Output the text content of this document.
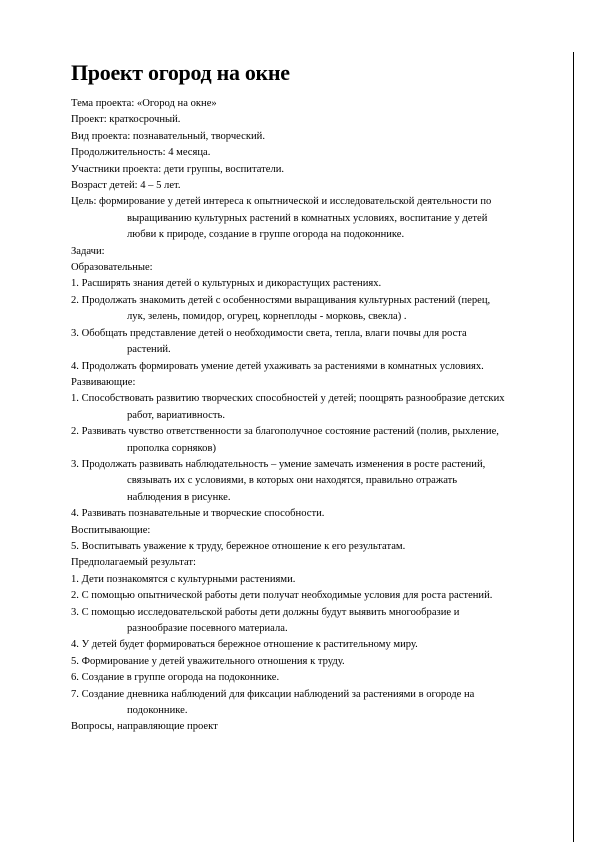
Проект огород на окне

Тема проекта: «Огород на окне»

Проект: краткосрочный.

Вид проекта: познавательный, творческий.

Продолжительность: 4 месяца.

Участники проекта: дети группы, воспитатели.

Возраст детей: 4 – 5 лет.

Цель: формирование у детей интереса к опытнической и исследовательской деятельности по выращиванию культурных растений в комнатных условиях, воспитание у детей любви к природе, создание в группе огорода на подоконнике.

Задачи:

Образовательные:

1. Расширять знания детей о культурных и дикорастущих растениях.

2. Продолжать знакомить детей с особенностями выращивания культурных растений (перец, лук, зелень, помидор, огурец, корнеплоды - морковь, свекла) .

3. Обобщать представление детей о необходимости света, тепла, влаги почвы для роста растений.

4. Продолжать формировать умение детей ухаживать за растениями в комнатных условиях.

Развивающие:

1. Способствовать развитию творческих способностей у детей; поощрять разнообразие детских работ, вариативность.

2. Развивать чувство ответственности за благополучное состояние растений (полив, рыхление, прополка сорняков)

3. Продолжать развивать наблюдательность – умение замечать изменения в росте растений, связывать их с условиями, в которых они находятся, правильно отражать наблюдения в рисунке.

4. Развивать познавательные и творческие способности.

Воспитывающие:

5. Воспитывать уважение к труду, бережное отношение к его результатам.

Предполагаемый результат:

1. Дети познакомятся с культурными растениями.

2. С помощью опытнической работы дети получат необходимые условия для роста растений.

3. С помощью исследовательской работы дети должны будут выявить многообразие и разнообразие посевного материала.

4. У детей будет формироваться бережное отношение к растительному миру.

5. Формирование у детей уважительного отношения к труду.

6. Создание в группе огорода на подоконнике.

7. Создание дневника наблюдений для фиксации наблюдений за растениями в огороде на подоконнике.

Вопросы, направляющие проект
